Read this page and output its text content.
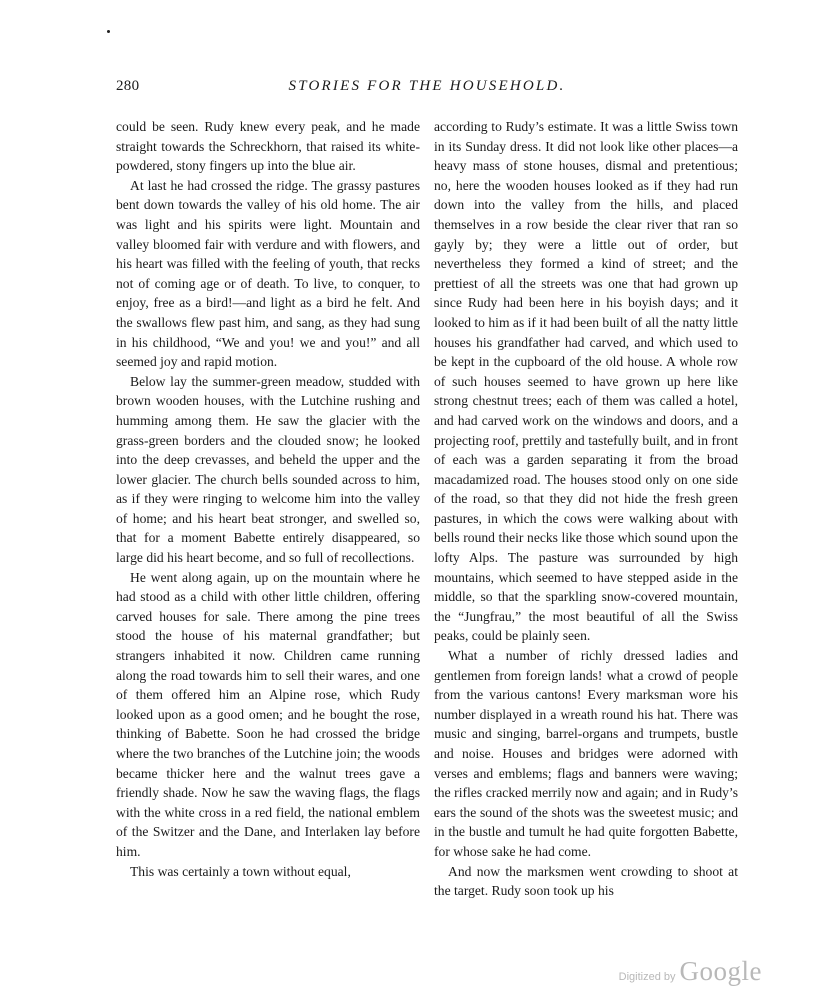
280	STORIES FOR THE HOUSEHOLD.

could be seen. Rudy knew every peak, and he made straight towards the Schreckhorn, that raised its white-powdered, stony fingers up into the blue air.

At last he had crossed the ridge. The grassy pastures bent down towards the valley of his old home. The air was light and his spirits were light. Mountain and valley bloomed fair with verdure and with flowers, and his heart was filled with the feeling of youth, that recks not of coming age or of death. To live, to conquer, to enjoy, free as a bird!—and light as a bird he felt. And the swallows flew past him, and sang, as they had sung in his childhood, “We and you! we and you!” and all seemed joy and rapid motion.

Below lay the summer-green meadow, studded with brown wooden houses, with the Lutchine rushing and humming among them. He saw the glacier with the grass-green borders and the clouded snow; he looked into the deep crevasses, and beheld the upper and the lower glacier. The church bells sounded across to him, as if they were ringing to welcome him into the valley of home; and his heart beat stronger, and swelled so, that for a moment Babette entirely disappeared, so large did his heart become, and so full of recollections.

He went along again, up on the mountain where he had stood as a child with other little children, offering carved houses for sale. There among the pine trees stood the house of his maternal grandfather; but strangers inhabited it now. Children came running along the road towards him to sell their wares, and one of them offered him an Alpine rose, which Rudy looked upon as a good omen; and he bought the rose, thinking of Babette. Soon he had crossed the bridge where the two branches of the Lutchine join; the woods became thicker here and the walnut trees gave a friendly shade. Now he saw the waving flags, the flags with the white cross in a red field, the national emblem of the Switzer and the Dane, and Interlaken lay before him.

This was certainly a town without equal,

according to Rudy’s estimate. It was a little Swiss town in its Sunday dress. It did not look like other places—a heavy mass of stone houses, dismal and pretentious; no, here the wooden houses looked as if they had run down into the valley from the hills, and placed themselves in a row beside the clear river that ran so gayly by; they were a little out of order, but nevertheless they formed a kind of street; and the prettiest of all the streets was one that had grown up since Rudy had been here in his boyish days; and it looked to him as if it had been built of all the natty little houses his grandfather had carved, and which used to be kept in the cupboard of the old house. A whole row of such houses seemed to have grown up here like strong chestnut trees; each of them was called a hotel, and had carved work on the windows and doors, and a projecting roof, prettily and tastefully built, and in front of each was a garden separating it from the broad macadamized road. The houses stood only on one side of the road, so that they did not hide the fresh green pastures, in which the cows were walking about with bells round their necks like those which sound upon the lofty Alps. The pasture was surrounded by high mountains, which seemed to have stepped aside in the middle, so that the sparkling snow-covered mountain, the “Jungfrau,” the most beautiful of all the Swiss peaks, could be plainly seen.

What a number of richly dressed ladies and gentlemen from foreign lands! what a crowd of people from the various cantons! Every marksman wore his number displayed in a wreath round his hat. There was music and singing, barrel-organs and trumpets, bustle and noise. Houses and bridges were adorned with verses and emblems; flags and banners were waving; the rifles cracked merrily now and again; and in Rudy’s ears the sound of the shots was the sweetest music; and in the bustle and tumult he had quite forgotten Babette, for whose sake he had come.

And now the marksmen went crowding to shoot at the target. Rudy soon took up his

Digitized by Google
